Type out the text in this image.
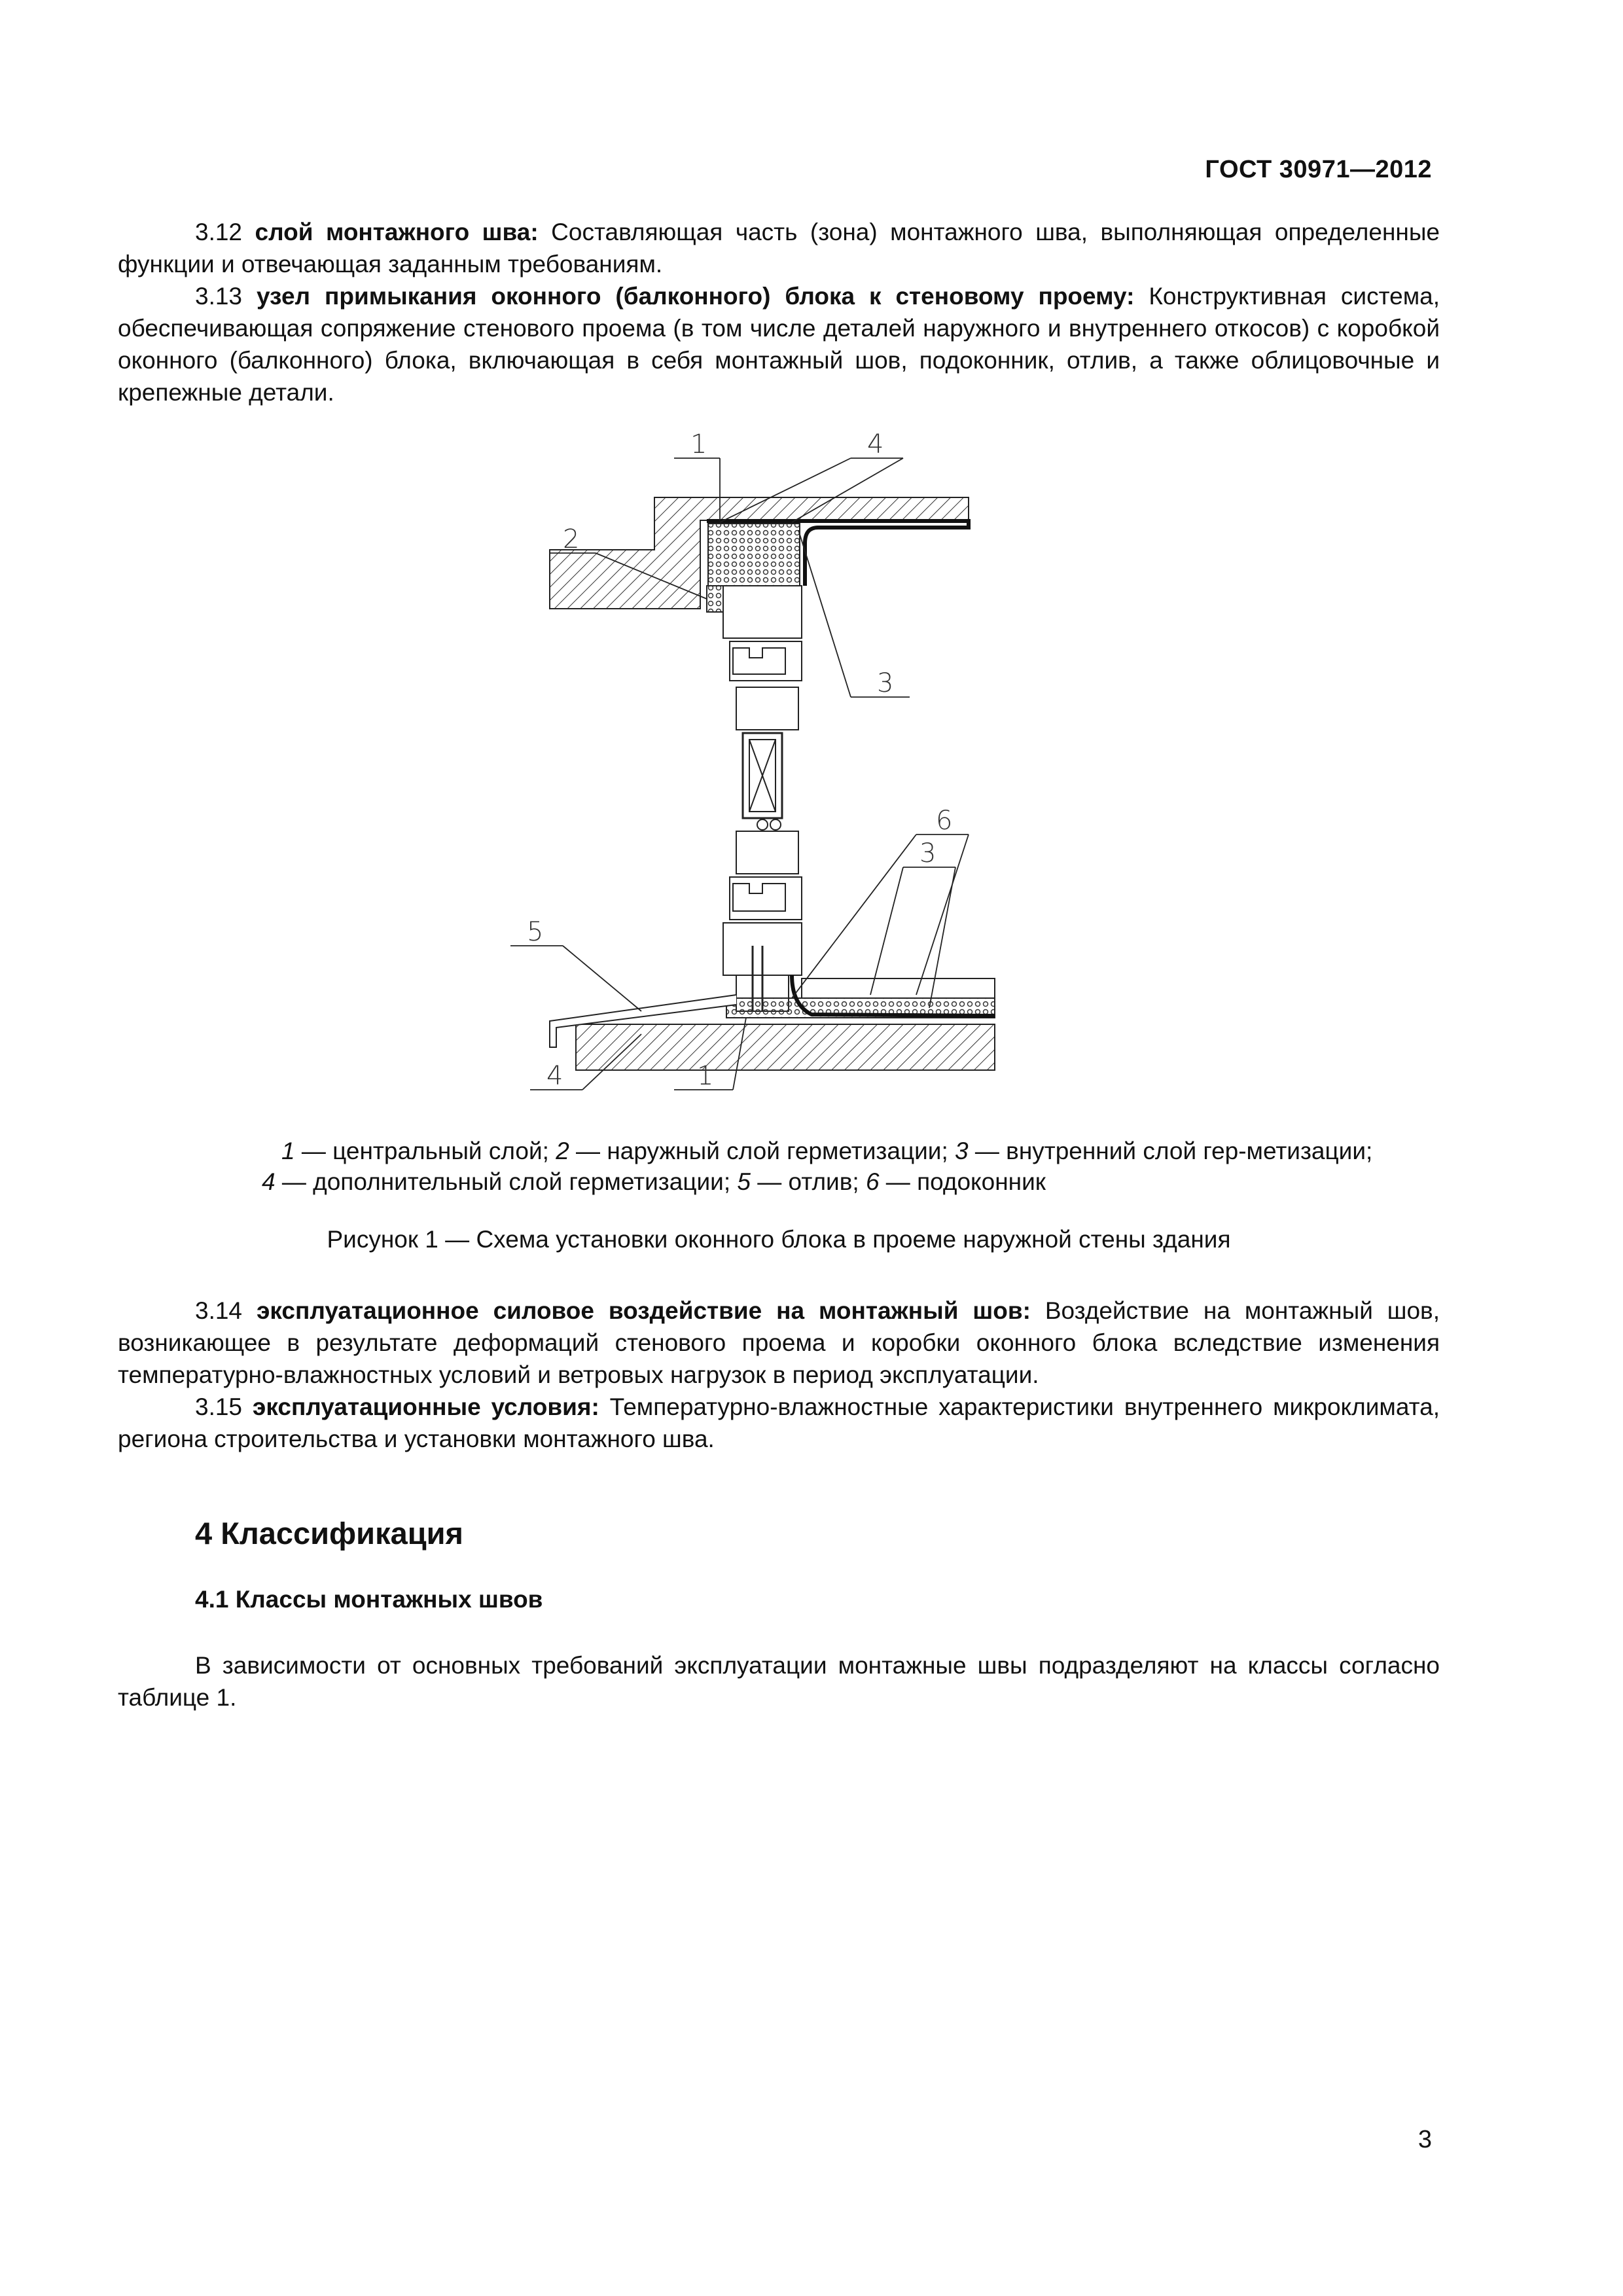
ГОСТ 30971—2012

3.12 слой монтажного шва: Составляющая часть (зона) монтажного шва, выполняющая определенные функции и отвечающая заданным требованиям.

3.13 узел примыкания оконного (балконного) блока к стеновому проему: Конструктивная система, обеспечивающая сопряжение стенового проема (в том числе деталей наружного и внутреннего откосов) с коробкой оконного (балконного) блока, включающая в себя монтажный шов, подоконник, отлив, а также облицовочные и крепежные детали.

1	4
2
3
6
3
5
4	1

1 — центральный слой; 2 — наружный слой герметизации; 3 — внутренний слой гер-метизации; 4 — дополнительный слой герметизации; 5 — отлив; 6 — подоконник

Рисунок 1 — Схема установки оконного блока в проеме наружной стены здания

3.14 эксплуатационное силовое воздействие на монтажный шов: Воздействие на монтажный шов, возникающее в результате деформаций стенового проема и коробки оконного блока вследствие изменения температурно-влажностных условий и ветровых нагрузок в период эксплуатации.

3.15 эксплуатационные условия: Температурно-влажностные характеристики внутреннего микроклимата, региона строительства и установки монтажного шва.

4 Классификация
4.1 Классы монтажных швов

В зависимости от основных требований эксплуатации монтажные швы подразделяют на классы согласно таблице 1.

3
